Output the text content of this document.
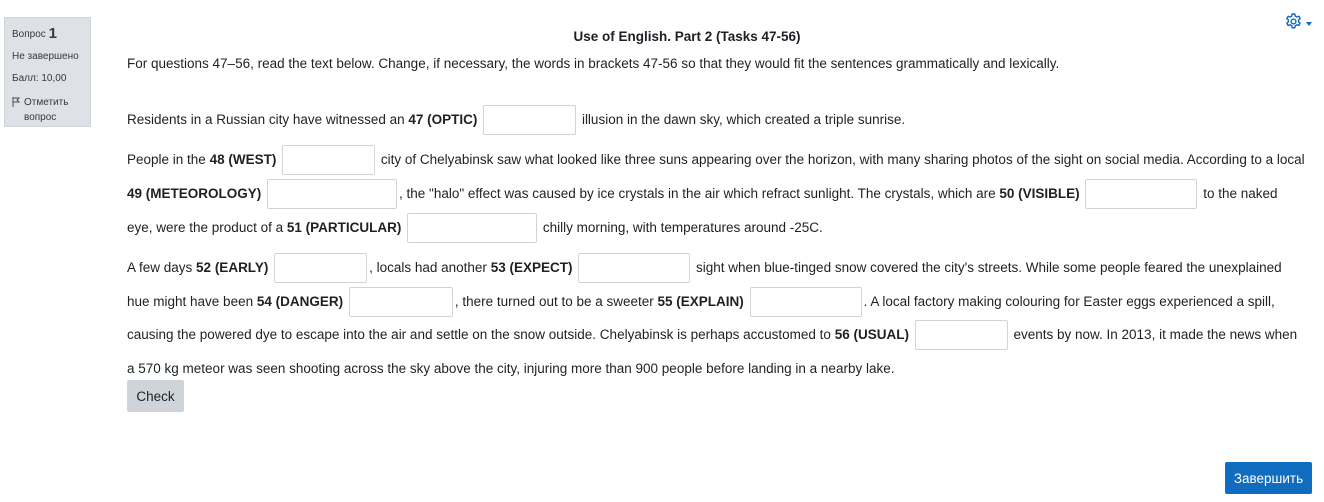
Вопрос 1
Не завершено
Балл: 10,00
Отметить
вопрос
Use of English. Part 2 (Tasks 47-56)
For questions 47–56, read the text below. Change, if necessary, the words in brackets 47-56 so that they would fit the sentences grammatically and lexically.
Residents in a Russian city have witnessed an 47 (OPTIC)	illusion in the dawn sky, which created a triple sunrise.
People in the 48 (WEST)	city of Chelyabinsk saw what looked like three suns appearing over the horizon, with many sharing photos of the sight on social media. According to a local 49 (METEOROLOGY)	, the "halo" effect was caused by ice crystals in the air which refract sunlight. The crystals, which are 50 (VISIBLE)	to the naked eye, were the product of a 51 (PARTICULAR)	chilly morning, with temperatures around -25C.
A few days 52 (EARLY)	, locals had another 53 (EXPECT)	sight when blue-tinged snow covered the city's streets. While some people feared the unexplained hue might have been 54 (DANGER)	, there turned out to be a sweeter 55 (EXPLAIN)	. A local factory making colouring for Easter eggs experienced a spill, causing the powered dye to escape into the air and settle on the snow outside. Chelyabinsk is perhaps accustomed to 56 (USUAL)	events by now. In 2013, it made the news when a 570 kg meteor was seen shooting across the sky above the city, injuring more than 900 people before landing in a nearby lake.
Check
Завершить
